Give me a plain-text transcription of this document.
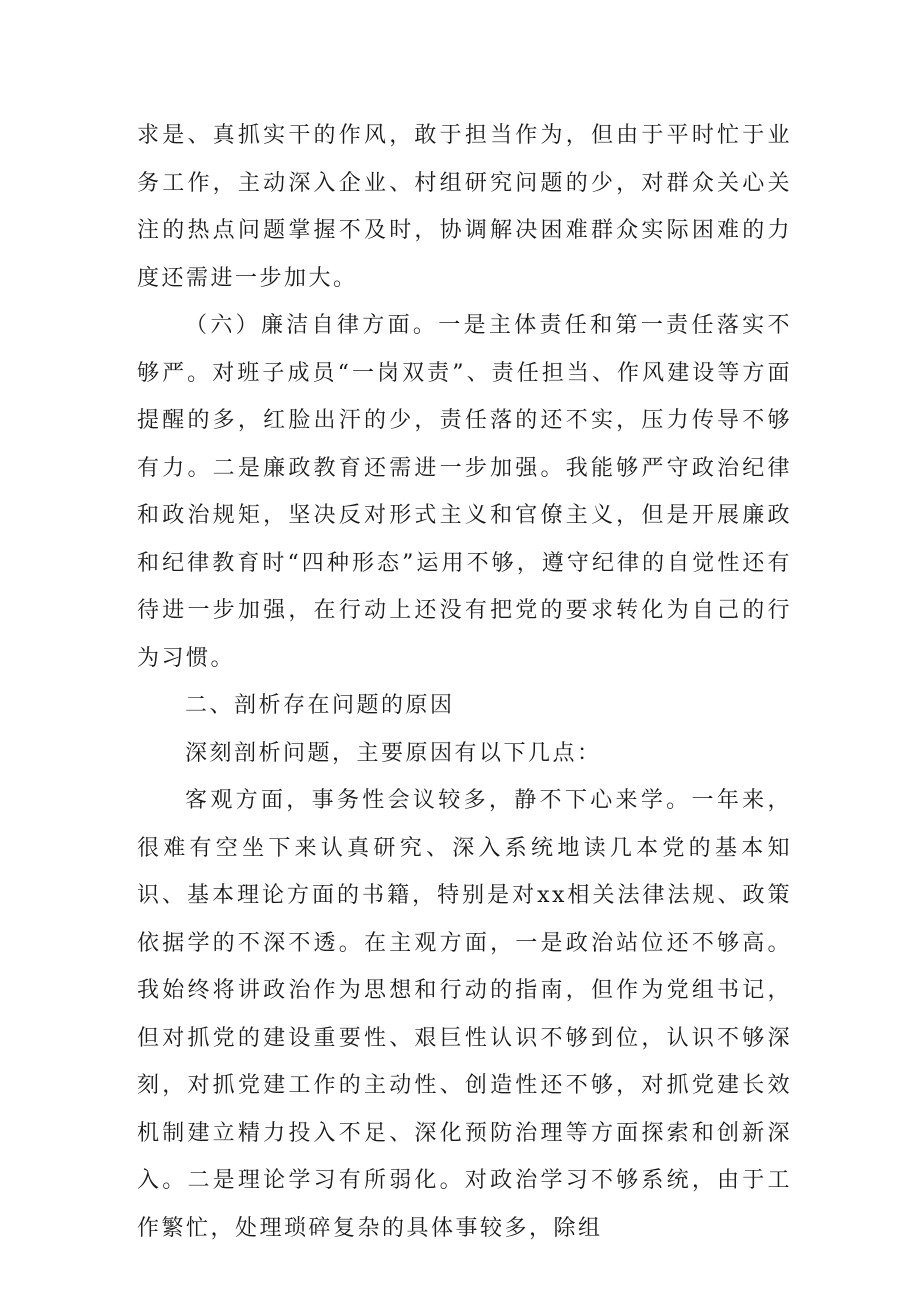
求是、真抓实干的作风，敢于担当作为，但由于平时忙于业务工作，主动深入企业、村组研究问题的少，对群众关心关注的热点问题掌握不及时，协调解决困难群众实际困难的力度还需进一步加大。

（六）廉洁自律方面。一是主体责任和第一责任落实不够严。对班子成员“一岗双责”、责任担当、作风建设等方面提醒的多，红脸出汗的少，责任落的还不实，压力传导不够有力。二是廉政教育还需进一步加强。我能够严守政治纪律和政治规矩，坚决反对形式主义和官僚主义，但是开展廉政和纪律教育时“四种形态”运用不够，遵守纪律的自觉性还有待进一步加强，在行动上还没有把党的要求转化为自己的行为习惯。

二、剖析存在问题的原因

深刻剖析问题，主要原因有以下几点：

客观方面，事务性会议较多，静不下心来学。一年来，很难有空坐下来认真研究、深入系统地读几本党的基本知识、基本理论方面的书籍，特别是对xx相关法律法规、政策依据学的不深不透。在主观方面，一是政治站位还不够高。我始终将讲政治作为思想和行动的指南，但作为党组书记，但对抓党的建设重要性、艰巨性认识不够到位，认识不够深刻，对抓党建工作的主动性、创造性还不够，对抓党建长效机制建立精力投入不足、深化预防治理等方面探索和创新深入。二是理论学习有所弱化。对政治学习不够系统，由于工作繁忙，处理琐碎复杂的具体事较多，除组
